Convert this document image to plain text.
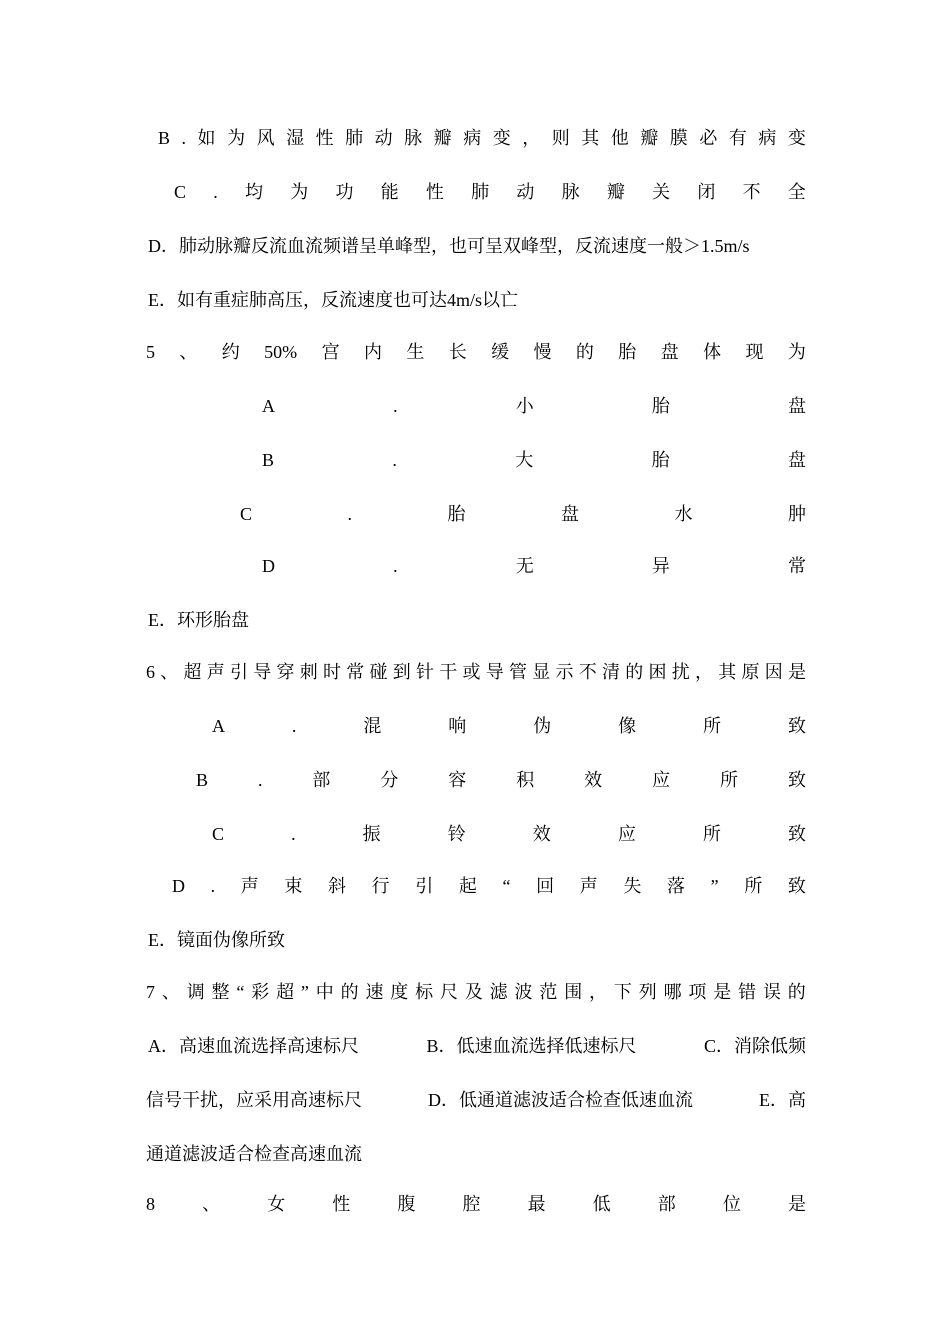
B . 如 为 风 湿 性 肺 动 脉 瓣 病 变 ， 则 其 他 瓣 膜 必 有 病 变
C . 均 为 功 能 性 肺 动 脉 瓣 关 闭 不 全
D．肺动脉瓣反流血流频谱呈单峰型，也可呈双峰型，反流速度一般＞1.5m/s
E．如有重症肺高压，反流速度也可达4m/s以亡
5 、 约 50% 宫 内 生 长 缓 慢 的 胎 盘 体 现 为
A	.	小	胎	盘
B	.	大	胎	盘
C	.	胎	盘	水	肿
D	.	无	异	常
E．环形胎盘
6 、 超 声 引 导 穿 刺 时 常 碰 到 针 干 或 导 管 显 示 不 清 的 困 扰 ， 其 原 因 是
A	.	混	响	伪	像	所	致
B	.	部	分	容	积	效	应	所	致
C	.	振	铃	效	应	所	致
D . 声 束 斜 行 引 起 “ 回 声 失 落 ” 所 致
E．镜面伪像所致
7 、 调 整 “ 彩 超 ” 中 的 速 度 标 尺 及 滤 波 范 围 ， 下 列 哪 项 是 错 误 的
A．高速血流选择高速标尺	B．低速血流选择低速标尺	C．消除低频
信号干扰，应采用高速标尺	D．低通道滤波适合检查低速血流	E．高
通道滤波适合检查高速血流
8	、	女	性	腹	腔	最	低	部	位	是
